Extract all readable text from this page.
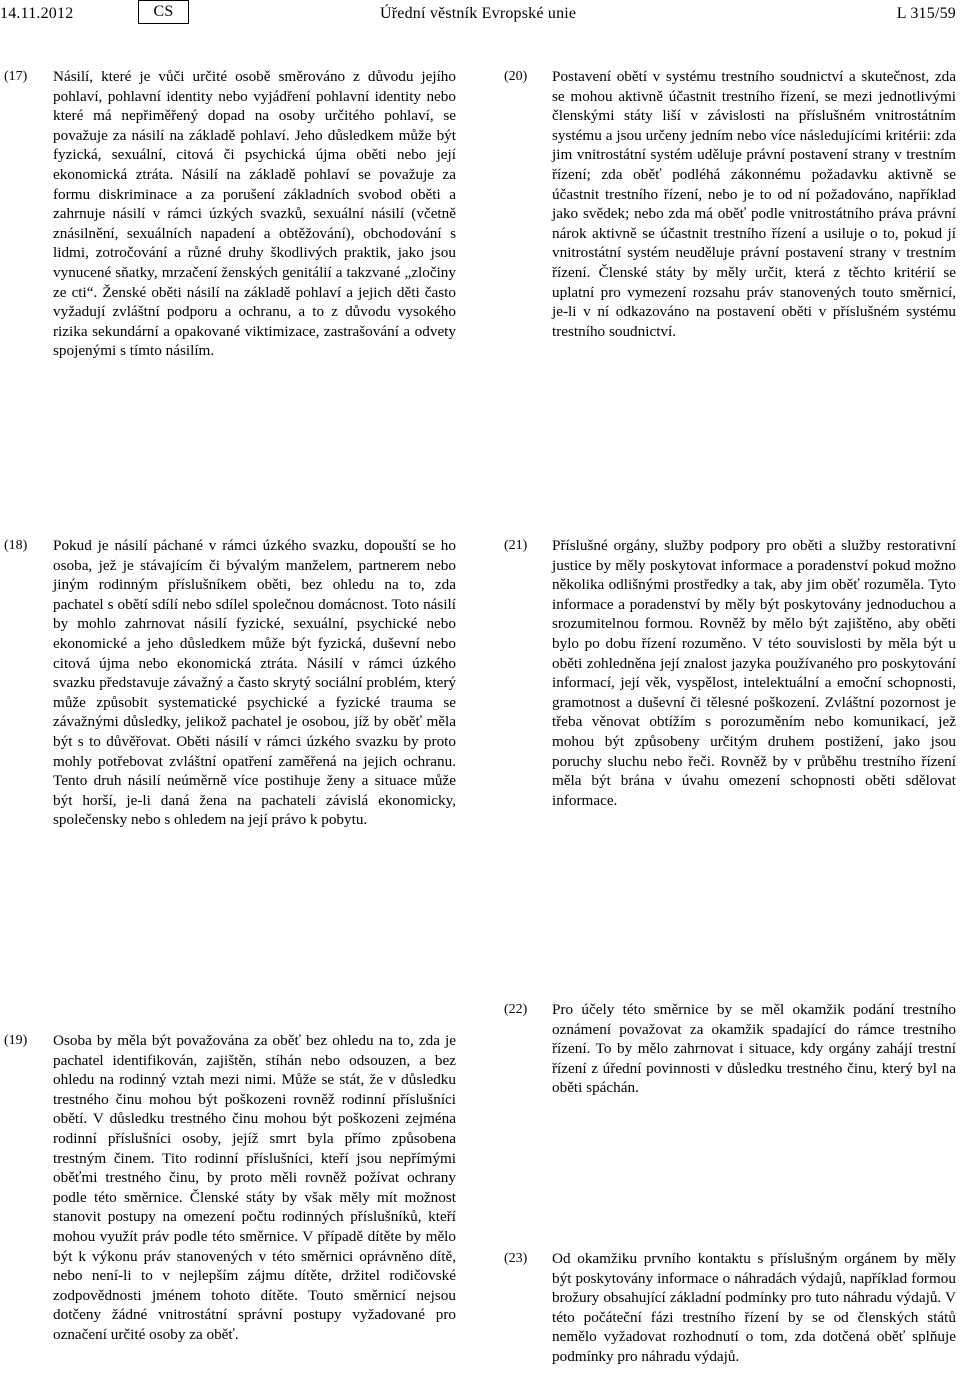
14.11.2012	CS	Úřední věstník Evropské unie	L 315/59
(17) Násilí, které je vůči určité osobě směrováno z důvodu jejího pohlaví, pohlavní identity nebo vyjádření pohlavní identity nebo které má nepřiměřený dopad na osoby určitého pohlaví, se považuje za násilí na základě pohlaví. Jeho důsledkem může být fyzická, sexuální, citová či psychická újma oběti nebo její ekonomická ztráta. Násilí na základě pohlaví se považuje za formu diskriminace a za porušení základních svobod oběti a zahrnuje násilí v rámci úzkých svazků, sexuální násilí (včetně znásilnění, sexuálních napadení a obtěžování), obchodování s lidmi, zotročování a různé druhy škodlivých praktik, jako jsou vynucené sňatky, mrzačení ženských genitálií a takzvané „zločiny ze cti“. Ženské oběti násilí na základě pohlaví a jejich děti často vyžadují zvláštní podporu a ochranu, a to z důvodu vysokého rizika sekundární a opakované viktimizace, zastrašování a odvety spojenými s tímto násilím.
(20) Postavení obětí v systému trestního soudnictví a skutečnost, zda se mohou aktivně účastnit trestního řízení, se mezi jednotlivými členskými státy liší v závislosti na příslušném vnitrostátním systému a jsou určeny jedním nebo více následujícími kritérii: zda jim vnitrostátní systém uděluje právní postavení strany v trestním řízení; zda oběť podléhá zákonnému požadavku aktivně se účastnit trestního řízení, nebo je to od ní požadováno, například jako svědek; nebo zda má oběť podle vnitrostátního práva právní nárok aktivně se účastnit trestního řízení a usiluje o to, pokud jí vnitrostátní systém neuděluje právní postavení strany v trestním řízení. Členské státy by měly určit, která z těchto kritérií se uplatní pro vymezení rozsahu práv stanovených touto směrnicí, je-li v ní odkazováno na postavení oběti v příslušném systému trestního soudnictví.
(18) Pokud je násilí páchané v rámci úzkého svazku, dopouští se ho osoba, jež je stávajícím či bývalým manželem, partnerem nebo jiným rodinným příslušníkem oběti, bez ohledu na to, zda pachatel s obětí sdílí nebo sdílel společnou domácnost. Toto násilí by mohlo zahrnovat násilí fyzické, sexuální, psychické nebo ekonomické a jeho důsledkem může být fyzická, duševní nebo citová újma nebo ekonomická ztráta. Násilí v rámci úzkého svazku představuje závažný a často skrytý sociální problém, který může způsobit systematické psychické a fyzické trauma se závažnými důsledky, jelikož pachatel je osobou, jíž by oběť měla být s to důvěřovat. Oběti násilí v rámci úzkého svazku by proto mohly potřebovat zvláštní opatření zaměřená na jejich ochranu. Tento druh násilí neúměrně více postihuje ženy a situace může být horší, je-li daná žena na pachateli závislá ekonomicky, společensky nebo s ohledem na její právo k pobytu.
(21) Příslušné orgány, služby podpory pro oběti a služby restorativní justice by měly poskytovat informace a poradenství pokud možno několika odlišnými prostředky a tak, aby jim oběť rozuměla. Tyto informace a poradenství by měly být poskytovány jednoduchou a srozumitelnou formou. Rovněž by mělo být zajištěno, aby oběti bylo po dobu řízení rozuměno. V této souvislosti by měla být u oběti zohledněna její znalost jazyka používaného pro poskytování informací, její věk, vyspělost, intelektuální a emoční schopnosti, gramotnost a duševní či tělesné poškození. Zvláštní pozornost je třeba věnovat obtížím s porozuměním nebo komunikací, jež mohou být způsobeny určitým druhem postižení, jako jsou poruchy sluchu nebo řeči. Rovněž by v průběhu trestního řízení měla být brána v úvahu omezení schopnosti oběti sdělovat informace.
(22) Pro účely této směrnice by se měl okamžik podání trestního oznámení považovat za okamžik spadající do rámce trestního řízení. To by mělo zahrnovat i situace, kdy orgány zahájí trestní řízení z úřední povinnosti v důsledku trestného činu, který byl na oběti spáchán.
(19) Osoba by měla být považována za oběť bez ohledu na to, zda je pachatel identifikován, zajištěn, stíhán nebo odsouzen, a bez ohledu na rodinný vztah mezi nimi. Může se stát, že v důsledku trestného činu mohou být poškozeni rovněž rodinní příslušníci obětí. V důsledku trestného činu mohou být poškozeni zejména rodinní příslušníci osoby, jejíž smrt byla přímo způsobena trestným činem. Tito rodinní příslušníci, kteří jsou nepřímými oběťmi trestného činu, by proto měli rovněž požívat ochrany podle této směrnice. Členské státy by však měly mít možnost stanovit postupy na omezení počtu rodinných příslušníků, kteří mohou využít práv podle této směrnice. V případě dítěte by mělo být k výkonu práv stanovených v této směrnici oprávněno dítě, nebo není-li to v nejlepším zájmu dítěte, držitel rodičovské zodpovědnosti jménem tohoto dítěte. Touto směrnicí nejsou dotčeny žádné vnitrostátní správní postupy vyžadované pro označení určité osoby za oběť.
(23) Od okamžiku prvního kontaktu s příslušným orgánem by měly být poskytovány informace o náhradách výdajů, například formou brožury obsahující základní podmínky pro tuto náhradu výdajů. V této počáteční fázi trestního řízení by se od členských států nemělo vyžadovat rozhodnutí o tom, zda dotčená oběť splňuje podmínky pro náhradu výdajů.
